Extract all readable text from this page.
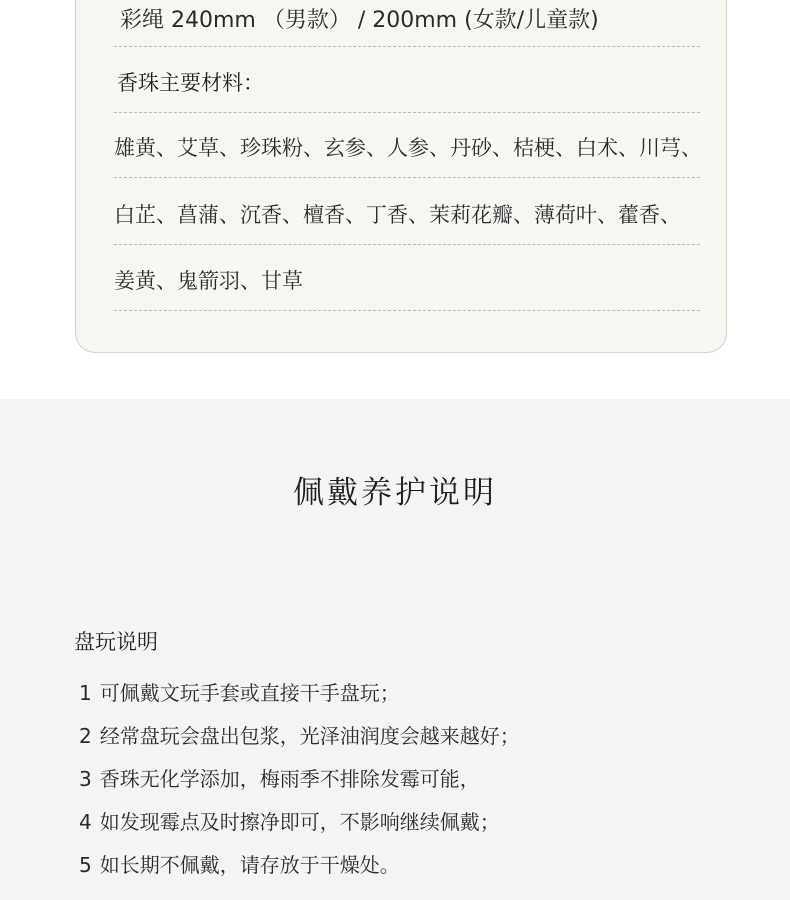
彩绳 240mm （男款） / 200mm (女款/儿童款)
香珠主要材料：
雄黄、艾草、珍珠粉、玄参、人参、丹砂、桔梗、白术、川芎、
白芷、菖蒲、沉香、檀香、丁香、茉莉花瓣、薄荷叶、藿香、
姜黄、鬼箭羽、甘草
佩戴养护说明
盘玩说明
1 可佩戴文玩手套或直接干手盘玩；
2 经常盘玩会盘出包浆，光泽油润度会越来越好；
3 香珠无化学添加，梅雨季不排除发霉可能，
4 如发现霉点及时擦净即可，不影响继续佩戴；
5 如长期不佩戴，请存放于干燥处。
